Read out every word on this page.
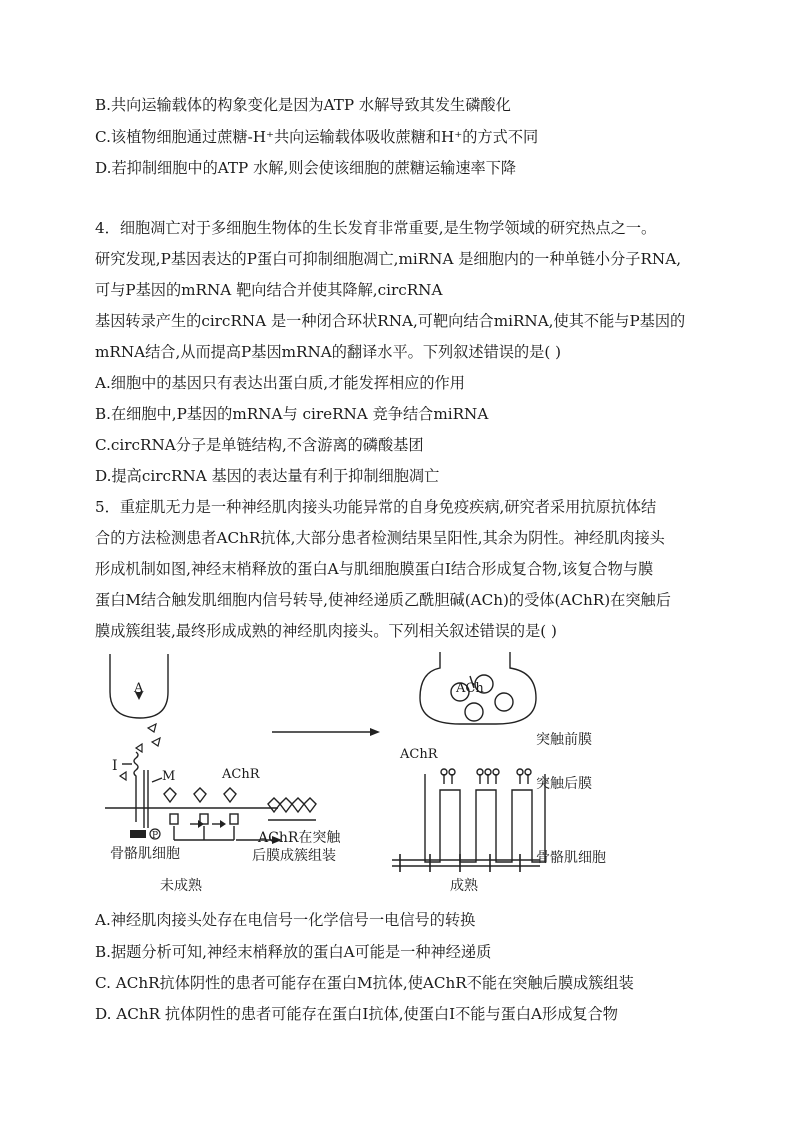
B.共向运输载体的构象变化是因为ATP 水解导致其发生磷酸化
C.该植物细胞通过蔗糖-H⁺共向运输载体吸收蔗糖和H⁺的方式不同
D.若抑制细胞中的ATP 水解,则会使该细胞的蔗糖运输速率下降
4．细胞凋亡对于多细胞生物体的生长发育非常重要,是生物学领域的研究热点之一。
研究发现,P基因表达的P蛋白可抑制细胞凋亡,miRNA 是细胞内的一种单链小分子RNA,
可与P基因的mRNA 靶向结合并使其降解,circRNA
基因转录产生的circRNA 是一种闭合环状RNA,可靶向结合miRNA,使其不能与P基因的
mRNA结合,从而提高P基因mRNA的翻译水平。下列叙述错误的是( )
A.细胞中的基因只有表达出蛋白质,才能发挥相应的作用
B.在细胞中,P基因的mRNA与 cireRNA 竞争结合miRNA
C.circRNA分子是单链结构,不含游离的磷酸基团
D.提高circRNA 基因的表达量有利于抑制细胞凋亡
5．重症肌无力是一种神经肌肉接头功能异常的自身免疫疾病,研究者采用抗原抗体结
合的方法检测患者AChR抗体,大部分患者检测结果呈阳性,其余为阴性。神经肌肉接头
形成机制如图,神经末梢释放的蛋白A与肌细胞膜蛋白I结合形成复合物,该复合物与膜
蛋白M结合触发肌细胞内信号转导,使神经递质乙酰胆碱(ACh)的受体(AChR)在突触后
膜成簇组装,最终形成成熟的神经肌肉接头。下列相关叙述错误的是( )
A
I
M	AChR
P
骨骼肌细胞
AChR在突触
后膜成簇组装
未成熟
ACh
突触前膜
AChR
突触后膜
骨骼肌细胞
成熟
A.神经肌肉接头处存在电信号一化学信号一电信号的转换
B.据题分析可知,神经末梢释放的蛋白A可能是一种神经递质
C. AChR抗体阴性的患者可能存在蛋白M抗体,使AChR不能在突触后膜成簇组装
D. AChR 抗体阴性的患者可能存在蛋白I抗体,使蛋白I不能与蛋白A形成复合物
